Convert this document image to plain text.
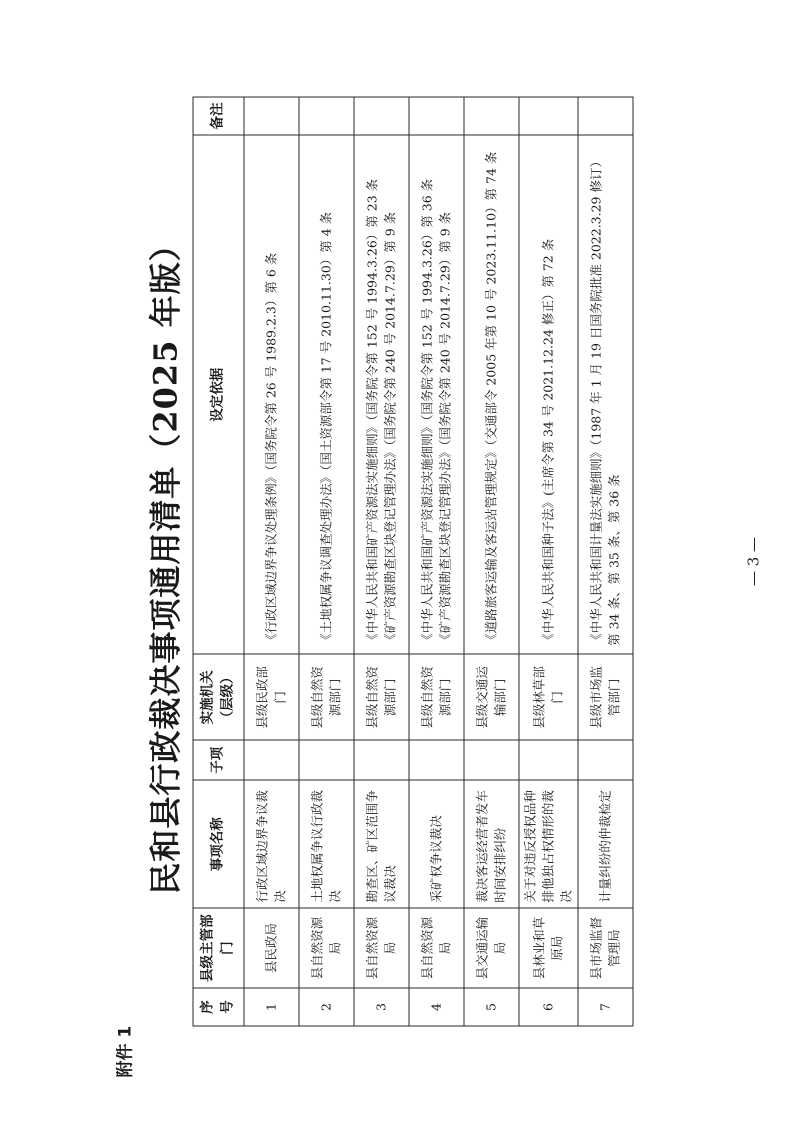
附件 1
民和县行政裁决事项通用清单（2025 年版）
序号	县级主管部门	事项名称	子项	实施机关（层级）	设定依据	备注
1	县民政局	行政区域边界争议裁决		县级民政部门	《行政区域边界争议处理条例》（国务院令第 26 号 1989.2.3）第 6 条	

2	县自然资源局	土地权属争议行政裁决		县级自然资源部门	《土地权属争议调查处理办法》（国土资源部令第 17 号 2010.11.30）第 4 条	

3	县自然资源局	勘查区、矿区范围争议裁决		县级自然资源部门	《中华人民共和国矿产资源法实施细则》（国务院令第 152 号 1994.3.26）第 23 条 《矿产资源勘查区块登记管理办法》（国务院令第 240 号 2014.7.29）第 9 条	

4	县自然资源局	采矿权争议裁决		县级自然资源部门	《中华人民共和国矿产资源法实施细则》（国务院令第 152 号 1994.3.26）第 36 条 《矿产资源勘查区块登记管理办法》（国务院令第 240 号 2014.7.29）第 9 条	

5	县交通运输局	裁决客运经营者发车时间安排纠纷		县级交通运输部门	《道路旅客运输及客运站管理规定》（交通部令 2005 年第 10 号 2023.11.10）第 74 条	

6	县林业和草原局	关于对违反授权品种排他独占权情形的裁决		县级林草部门	《中华人民共和国种子法》(主席令第 34 号 2021.12.24 修正）第 72 条	

7	县市场监督管理局	计量纠纷的仲裁检定		县级市场监管部门	《中华人民共和国计量法实施细则》（1987 年 1 月 19 日国务院批准 2022.3.29 修订） 第 34 条、第 35 条、第 36 条	
		— 3 —
